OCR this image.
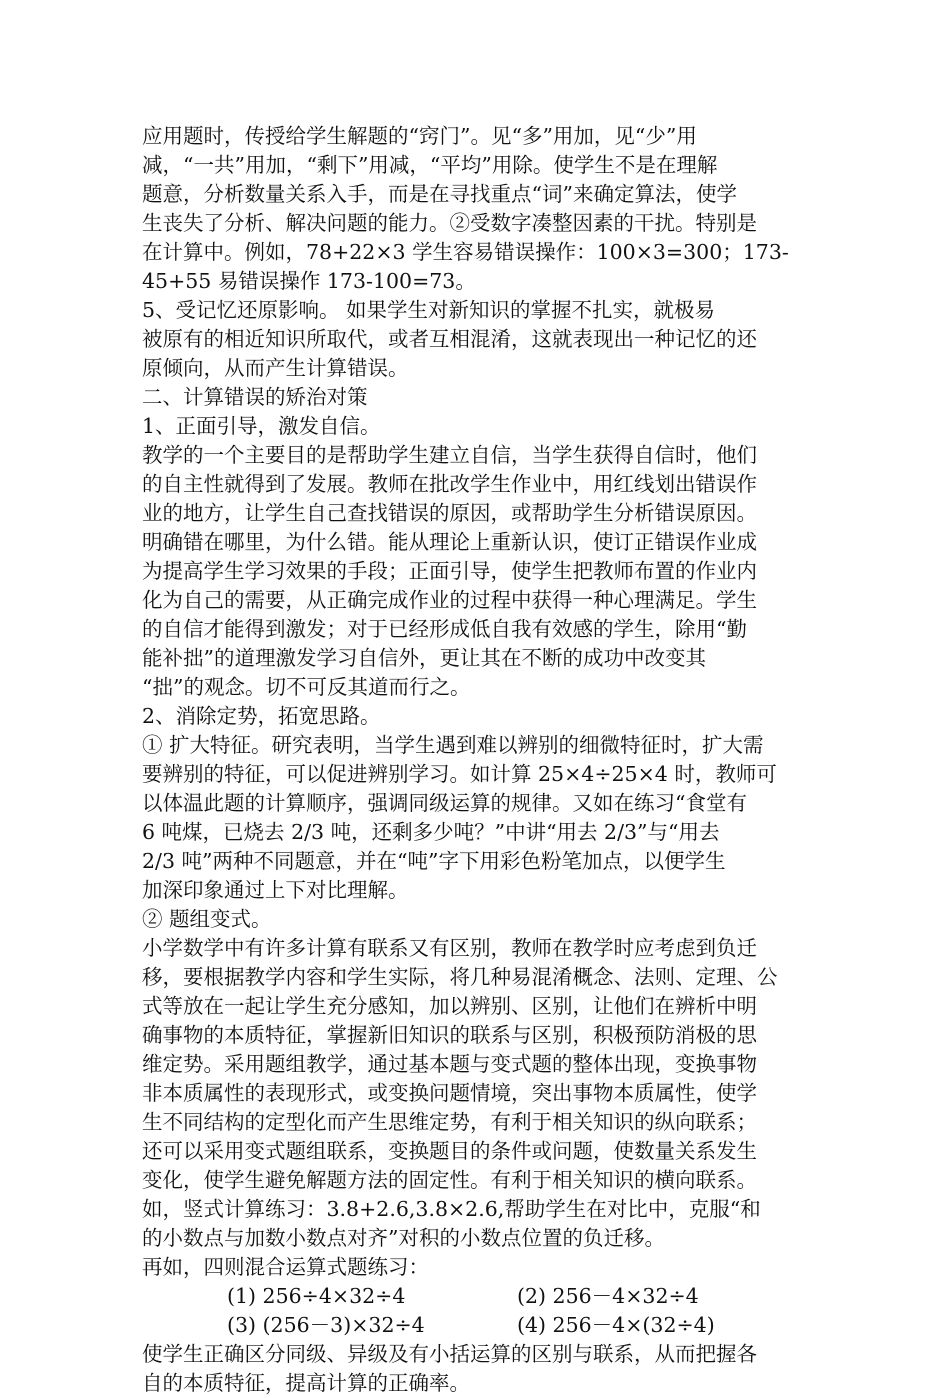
应用题时，传授给学生解题的“窍门”。见“多”用加，见“少”用
减，“一共”用加，“剩下”用减，“平均”用除。使学生不是在理解
题意，分析数量关系入手，而是在寻找重点“词”来确定算法，使学
生丧失了分析、解决问题的能力。②受数字凑整因素的干扰。特别是
在计算中。例如，78+22×3 学生容易错误操作：100×3=300；173-
45+55 易错误操作 173-100=73。
5、受记忆还原影响。 如果学生对新知识的掌握不扎实，就极易
被原有的相近知识所取代，或者互相混淆，这就表现出一种记忆的还
原倾向，从而产生计算错误。
二、计算错误的矫治对策
1、正面引导，激发自信。
教学的一个主要目的是帮助学生建立自信，当学生获得自信时，他们
的自主性就得到了发展。教师在批改学生作业中，用红线划出错误作
业的地方，让学生自己查找错误的原因，或帮助学生分析错误原因。
明确错在哪里，为什么错。能从理论上重新认识，使订正错误作业成
为提高学生学习效果的手段；正面引导，使学生把教师布置的作业内
化为自己的需要，从正确完成作业的过程中获得一种心理满足。学生
的自信才能得到激发；对于已经形成低自我有效感的学生，除用“勤
能补拙”的道理激发学习自信外，更让其在不断的成功中改变其
“拙”的观念。切不可反其道而行之。
2、消除定势，拓宽思路。
① 扩大特征。研究表明，当学生遇到难以辨别的细微特征时，扩大需
要辨别的特征，可以促进辨别学习。如计算 25×4÷25×4 时，教师可
以体温此题的计算顺序，强调同级运算的规律。又如在练习“食堂有
6 吨煤，已烧去 2/3 吨，还剩多少吨？”中讲“用去 2/3”与“用去
2/3 吨”两种不同题意，并在“吨”字下用彩色粉笔加点，以便学生
加深印象通过上下对比理解。
② 题组变式。
小学数学中有许多计算有联系又有区别，教师在教学时应考虑到负迁
移，要根据教学内容和学生实际，将几种易混淆概念、法则、定理、公
式等放在一起让学生充分感知，加以辨别、区别，让他们在辨析中明
确事物的本质特征，掌握新旧知识的联系与区别，积极预防消极的思
维定势。采用题组教学，通过基本题与变式题的整体出现，变换事物
非本质属性的表现形式，或变换问题情境，突出事物本质属性，使学
生不同结构的定型化而产生思维定势，有利于相关知识的纵向联系；
还可以采用变式题组联系，变换题目的条件或问题，使数量关系发生
变化，使学生避免解题方法的固定性。有利于相关知识的横向联系。
如，竖式计算练习：3.8+2.6,3.8×2.6,帮助学生在对比中，克服“和
的小数点与加数小数点对齐”对积的小数点位置的负迁移。
再如，四则混合运算式题练习：
(1) 256÷4×32÷4	(2) 256－4×32÷4
(3) (256－3)×32÷4	(4) 256－4×(32÷4)
使学生正确区分同级、异级及有小括运算的区别与联系，从而把握各
自的本质特征，提高计算的正确率。
